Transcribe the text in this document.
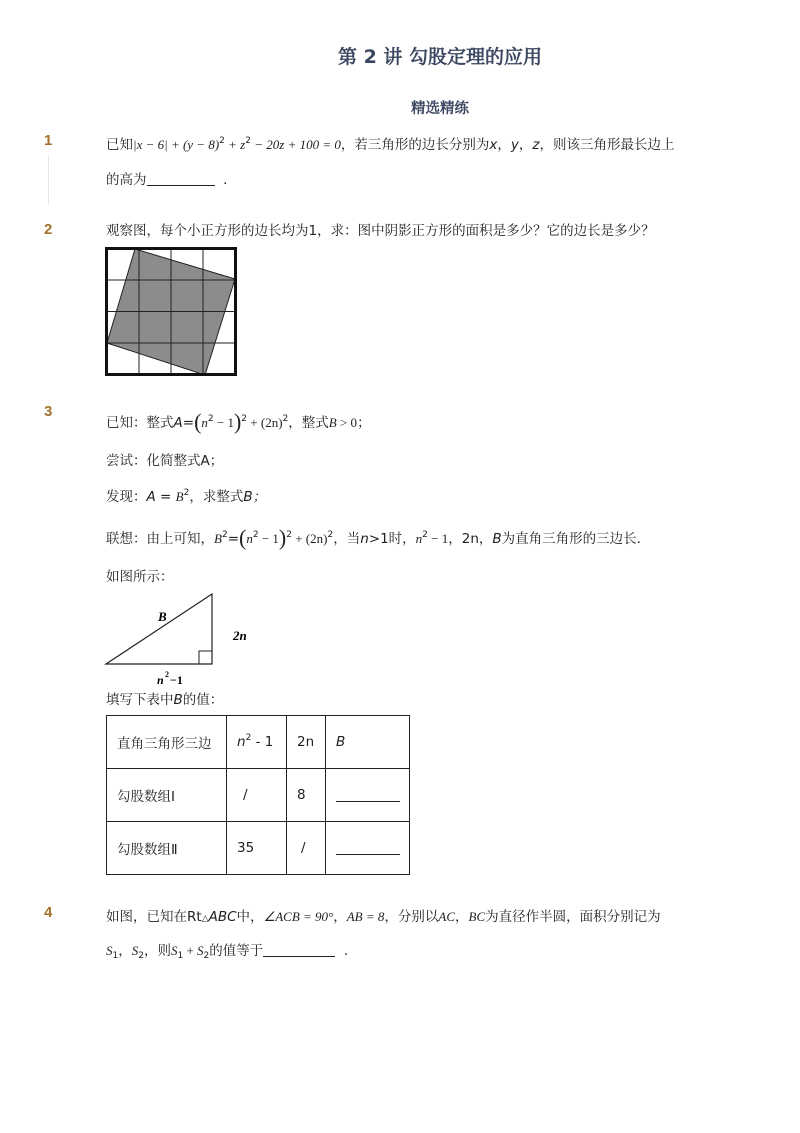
第 2 讲 勾股定理的应用
精选精练
1	已知$|x - 6| + (y - 8)^2 + z^2 - 20z + 100 = 0$，若三角形的边长分别为x，y，z，则该三角形最长边上
的高为	.
2	观察图，每个小正方形的边长均为1，求：图中阴影正方形的面积是多少？它的边长是多少？
3
已知：整式$A=(n^2 - 1)^2 + (2n)^2$，整式B > 0；
尝试：化简整式A；
发现：$A = B^2$，求整式B；
联想：由上可知，$B^2=(n^2 - 1)^2 + (2n)^2$，当n>1时，$n^2 - 1$，2n，B为直角三角形的三边长．
如图所示：
B
2n
n 2 −1
填写下表中B的值：
直角三角形三边	$n^2 - 1$	2n	B
勾股数组Ⅰ	/	8	
勾股数组Ⅱ	35	/	
4	如图，已知在Rt△ABC中，∠ACB = 90°，AB = 8，分别以AC，BC为直径作半圆，面积分别记为
$S_1$，$S_2$，则$S_1 + S_2$的值等于	.
